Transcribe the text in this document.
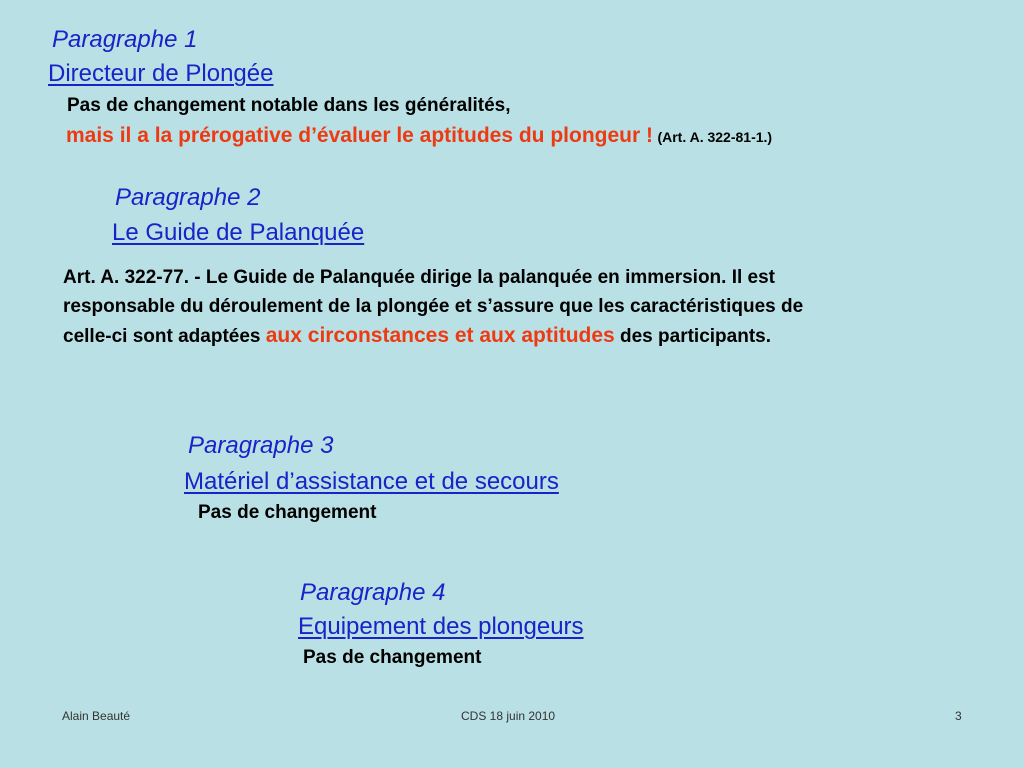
Paragraphe 1
Directeur de Plongée
Pas de changement notable dans les généralités,
mais il a la prérogative d’évaluer le aptitudes du plongeur ! (Art. A. 322-81-1.)
Paragraphe 2
Le Guide de Palanquée
Art. A. 322-77. - Le Guide de Palanquée dirige la palanquée en immersion. Il est
responsable du déroulement de la plongée et s’assure que les caractéristiques de
celle-ci sont adaptées aux circonstances et aux aptitudes des participants.
Paragraphe 3
Matériel d’assistance et de secours
Pas de changement
Paragraphe 4
Equipement des plongeurs
Pas de changement
Alain Beauté	CDS 18 juin 2010	3
